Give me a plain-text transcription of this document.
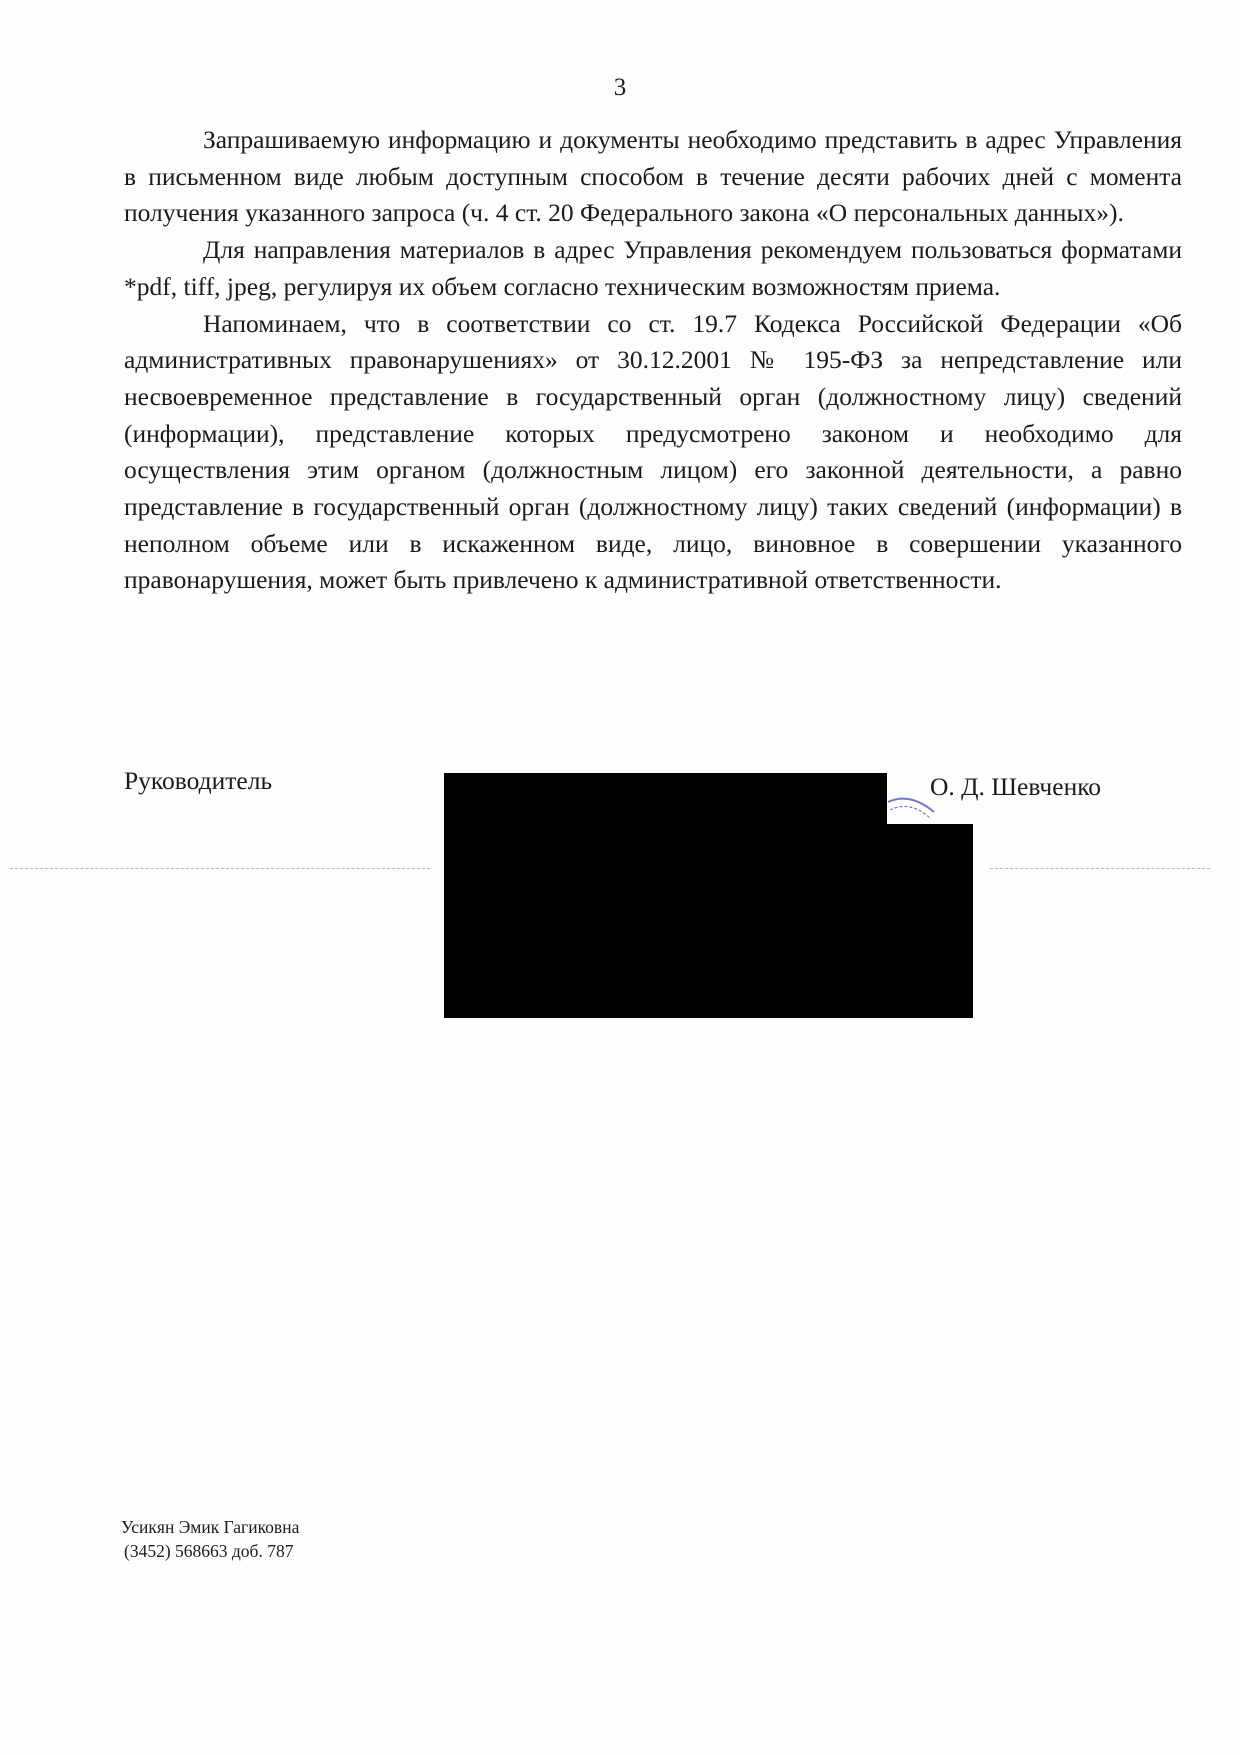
3

Запрашиваемую информацию и документы необходимо представить в адрес Управления в письменном виде любым доступным способом в течение десяти рабочих дней с момента получения указанного запроса (ч. 4 ст. 20 Федерального закона «О персональных данных»).

Для направления материалов в адрес Управления рекомендуем пользоваться форматами *pdf, tiff, jpeg, регулируя их объем согласно техническим возможностям приема.

Напоминаем, что в соответствии со ст. 19.7 Кодекса Российской Федерации «Об административных правонарушениях» от 30.12.2001 № 195-ФЗ за непредставление или несвоевременное представление в государственный орган (должностному лицу) сведений (информации), представление которых предусмотрено законом и необходимо для осуществления этим органом (должностным лицом) его законной деятельности, а равно представление в государственный орган (должностному лицу) таких сведений (информации) в неполном объеме или в искаженном виде, лицо, виновное в совершении указанного правонарушения, может быть привлечено к административной ответственности.

Руководитель	О. Д. Шевченко
Усикян Эмик Гагиковна
(3452) 568663 доб. 787
